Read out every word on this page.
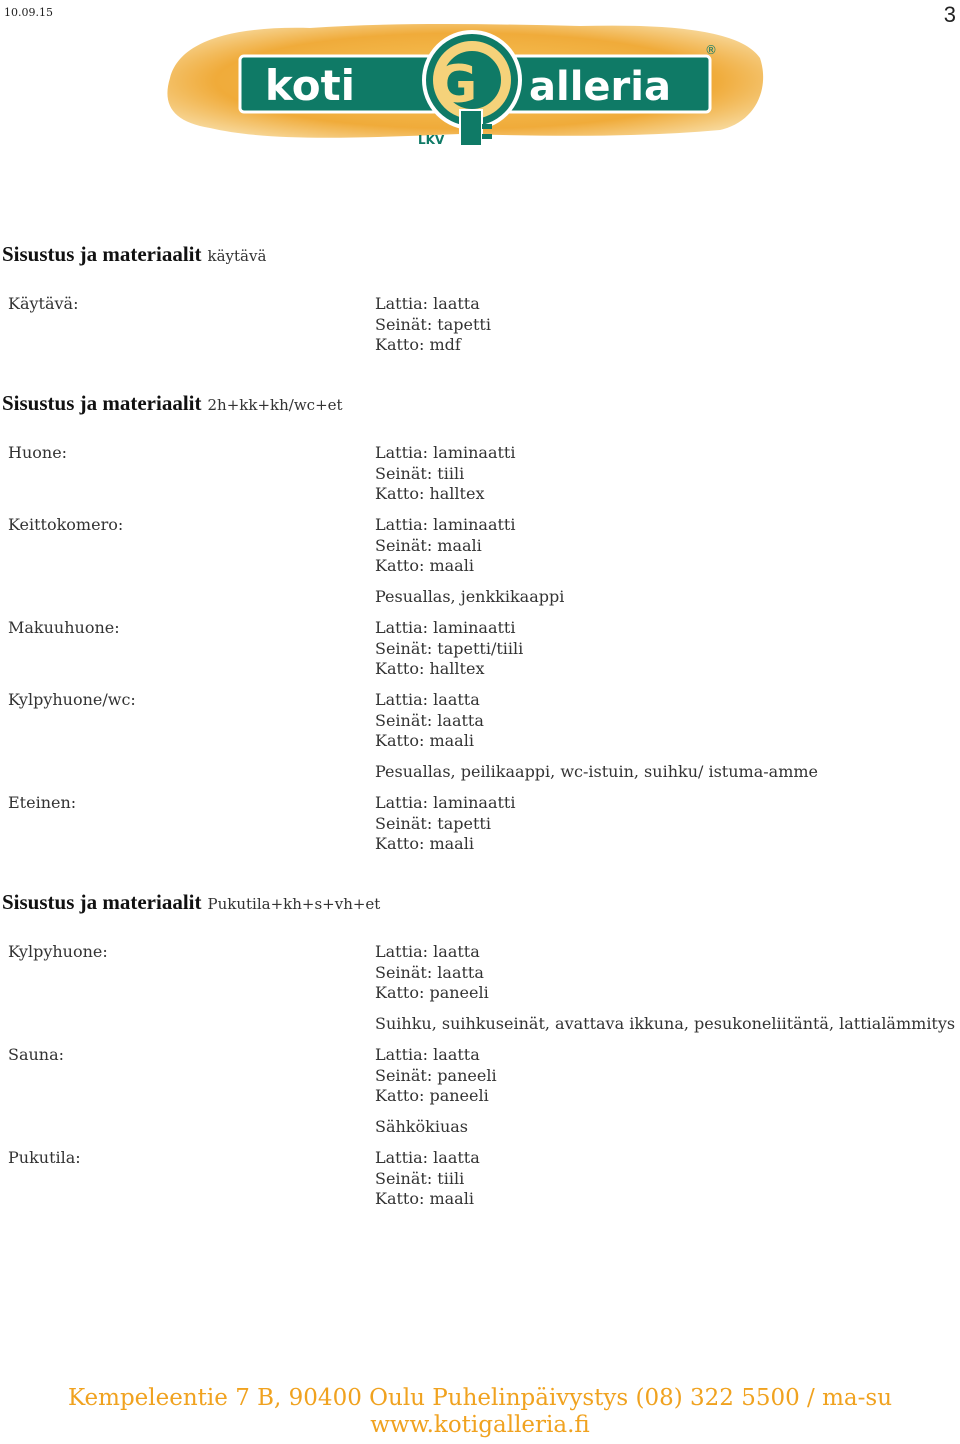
10.09.15	3
koti G alleria
®
LKV
Sisustus ja materiaalit käytävä
Käytävä:	Lattia: laatta
Seinät: tapetti
Katto: mdf
Sisustus ja materiaalit 2h+kk+kh/wc+et
Huone:	Lattia: laminaatti
Seinät: tiili
Katto: halltex
Keittokomero:	Lattia: laminaatti
Seinät: maali
Katto: maali
Pesuallas, jenkkikaappi
Makuuhuone:	Lattia: laminaatti
Seinät: tapetti/tiili
Katto: halltex
Kylpyhuone/wc:	Lattia: laatta
Seinät: laatta
Katto: maali
Pesuallas, peilikaappi, wc-istuin, suihku/ istuma-amme
Eteinen:	Lattia: laminaatti
Seinät: tapetti
Katto: maali
Sisustus ja materiaalit Pukutila+kh+s+vh+et
Kylpyhuone:	Lattia: laatta
Seinät: laatta
Katto: paneeli
Suihku, suihkuseinät, avattava ikkuna, pesukoneliitäntä, lattialämmitys
Sauna:	Lattia: laatta
Seinät: paneeli
Katto: paneeli
Sähkökiuas
Pukutila:	Lattia: laatta
Seinät: tiili
Katto: maali
Kempeleentie 7 B, 90400 Oulu Puhelinpäivystys (08) 322 5500 / ma-su
www.kotigalleria.fi
